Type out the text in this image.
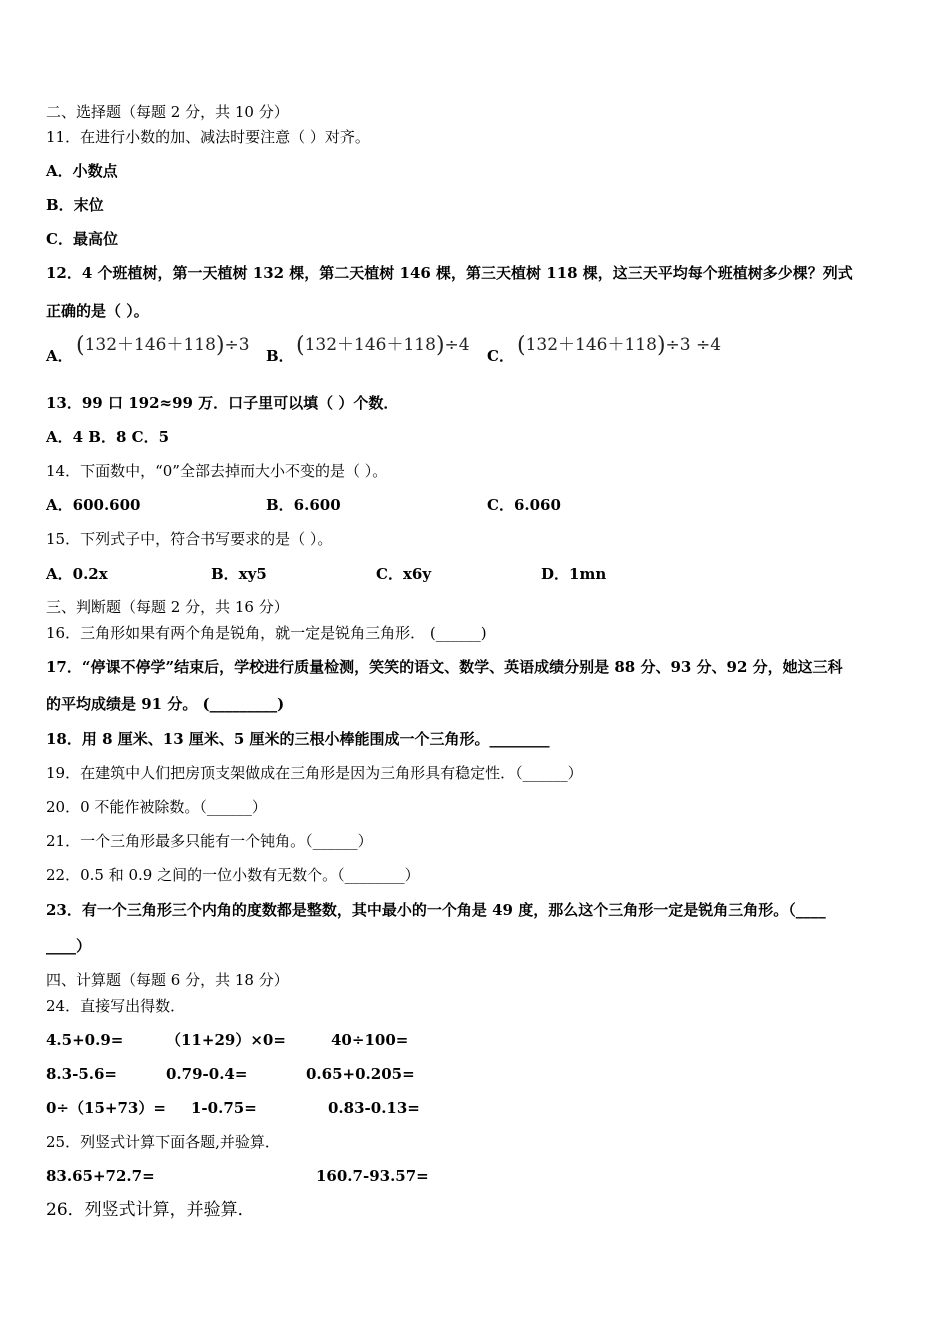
二、选择题（每题 2 分，共 10 分）
11．在进行小数的加、减法时要注意（ ）对齐。
A．小数点
B．末位
C．最高位
12．4 个班植树，第一天植树 132 棵，第二天植树 146 棵，第三天植树 118 棵，这三天平均每个班植树多少棵？列式
正确的是（ ）。
A． (132＋146＋118)÷3
B． (132＋146＋118)÷4
C． (132＋146＋118)÷3 ÷4
13．99 口 192≈99 万．口子里可以填（ ）个数．
A．4 B．8 C．5
14．下面数中，“0”全部去掉而大小不变的是（ ）。
A．600.600	B．6.600	C．6.060
15．下列式子中，符合书写要求的是（ ）。
A．0.2x	B．xy5	C．x6y	D．1mn
三、判断题（每题 2 分，共 16 分）
16．三角形如果有两个角是锐角，就一定是锐角三角形． (______)
17．“停课不停学”结束后，学校进行质量检测，笑笑的语文、数学、英语成绩分别是 88 分、93 分、92 分，她这三科
的平均成绩是 91 分。 (_________)
18．用 8 厘米、13 厘米、5 厘米的三根小棒能围成一个三角形。________
19．在建筑中人们把房顶支架做成在三角形是因为三角形具有稳定性．（______）
20．0 不能作被除数。（______）
21．一个三角形最多只能有一个钝角。（______）
22．0.5 和 0.9 之间的一位小数有无数个。（________）
23．有一个三角形三个内角的度数都是整数，其中最小的一个角是 49 度，那么这个三角形一定是锐角三角形。（____
____）
四、计算题（每题 6 分，共 18 分）
24．直接写出得数．
4.5+0.9=	（11+29）×0=	40÷100=
8.3-5.6=	0.79-0.4=	0.65+0.205=
0÷（15+73）= 1-0.75=	0.83-0.13=
25．列竖式计算下面各题,并验算．
83.65+72.7=	160.7-93.57=
26．列竖式计算，并验算．
